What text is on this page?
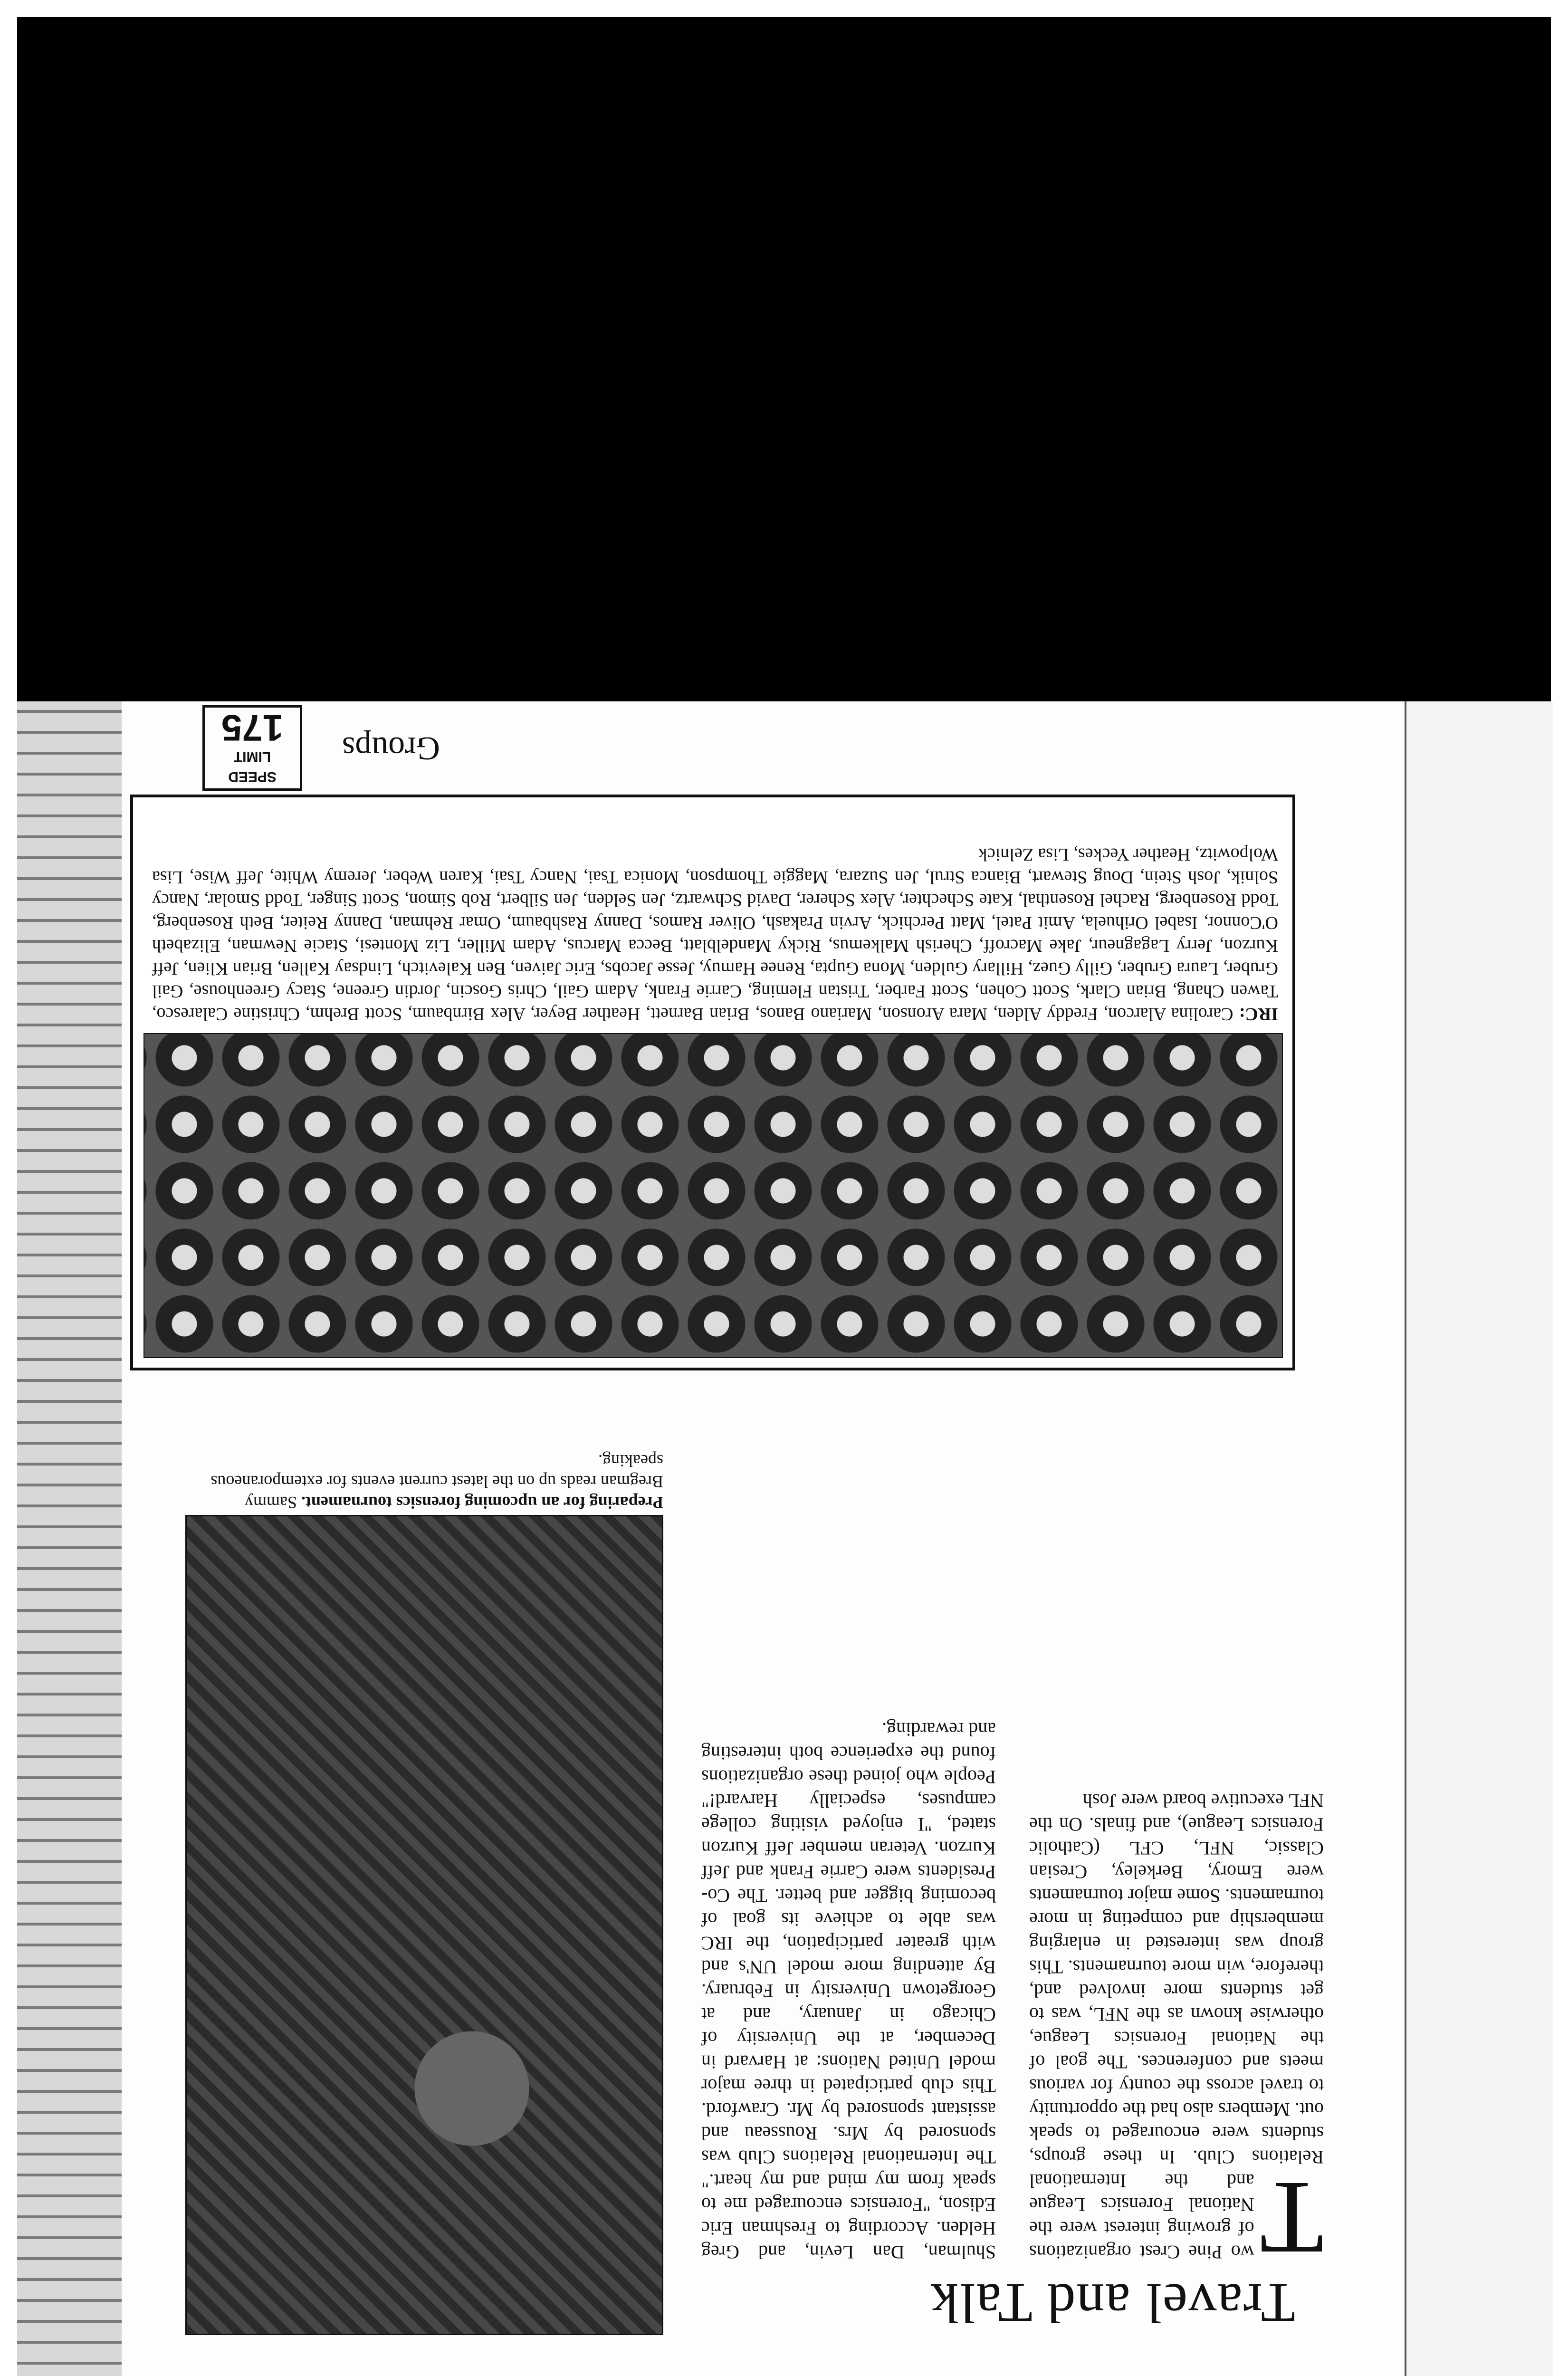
Travel and Talk
T
wo Pine Crest organizations of growing interest were the National Forensics League and the International Relations Club. In these groups, students were encouraged to speak out. Members also had the opportunity to travel across the county for various meets and conferences. The goal of the National Forensics League, otherwise known as the NFL, was to get students more involved and, therefore, win more tournaments. This group was interested in enlarging membership and competing in more tournaments. Some major tournaments were Emory, Berkeley, Cresian Classic, NFL, CFL (Catholic Forensics League), and finals. On the NFL executive board were Josh
Shulman, Dan Levin, and Greg Helden. According to Freshman Eric Edison, "Forensics encouraged me to speak from my mind and my heart." The International Relations Club was sponsored by Mrs. Rousseau and assistant sponsored by Mr. Crawford. This club participated in three major model United Nations: at Harvard in December, at the University of Chicago in January, and at Georgetown University in February. By attending more model UN's and with greater participation, the IRC was able to achieve its goal of becoming bigger and better. The Co-Presidents were Carrie Frank and Jeff Kurzon. Veteran member Jeff Kurzon stated, "I enjoyed visiting college campuses, especially Harvard!" People who joined these organizations found the experience both interesting and rewarding.
Preparing for an upcoming forensics tournament. Sammy Bregman reads up on the latest current events for extemporaneous speaking.
IRC: Carolina Alarcon, Freddy Alden, Mara Aronson, Mariano Banos, Brian Barnett, Heather Beyer, Alex Birnbaum, Scott Brehm, Christine Calaresco, Tawen Chang, Brian Clark, Scott Cohen, Scott Farber, Tristan Fleming, Carrie Frank, Adam Gail, Chris Goscin, Jordin Greene, Stacy Greenhouse, Gail Gruber, Laura Gruber, Gilly Guez, Hillary Gulden, Mona Gupta, Renee Hamuy, Jesse Jacobs, Eric Jaiven, Ben Kalevitch, Lindsay Kallen, Brian Klien, Jeff Kurzon, Jerry Lagagneur, Jake Macroff, Cherish Malkemus, Ricky Mandelblatt, Becca Marcus, Adam Miller, Liz Montesi, Stacie Newman, Elizabeth O'Connor, Isabel Orihuela, Amit Patel, Matt Perchick, Arvin Prakash, Oliver Ramos, Danny Rashbaum, Omar Rehman, Danny Reiter, Beth Rosenberg, Todd Rosenberg, Rachel Rosenthal, Kate Schechter, Alex Scherer, David Schwartz, Jen Selden, Jen Silbert, Rob Simon, Scott Singer, Todd Smolar, Nancy Solnik, Josh Stein, Doug Stewart, Bianca Strul, Jen Suzara, Maggie Thompson, Monica Tsai, Nancy Tsai, Karen Weber, Jeremy White, Jeff Wise, Lisa Wolpowitz, Heather Yeckes, Lisa Zelnick
Groups
SPEED
LIMIT
175
